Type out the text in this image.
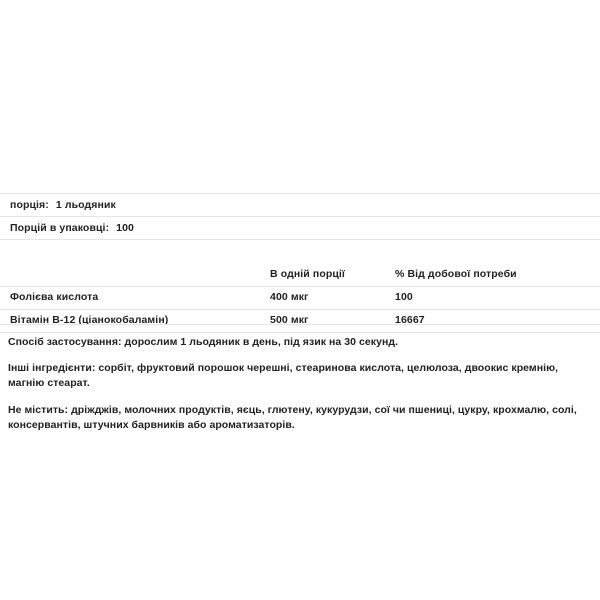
порція: 1 льодяник		
Порцій в упаковці: 100		

	В одній порції	% Від добової потреби
Фолієва кислота	400 мкг	100
Вітамін B-12 (ціанокобаламін)	500 мкг	16667

Спосіб застосування: дорослим 1 льодяник в день, під язик на 30 секунд.

Інші інгредієнти: сорбіт, фруктовий порошок черешні, стеаринова кислота, целюлоза, двоокис кремнію, магнію стеарат.

Не містить: дріжджів, молочних продуктів, яєць, глютену, кукурудзи, сої чи пшениці, цукру, крохмалю, солі, консервантів, штучних барвників або ароматизаторів.
